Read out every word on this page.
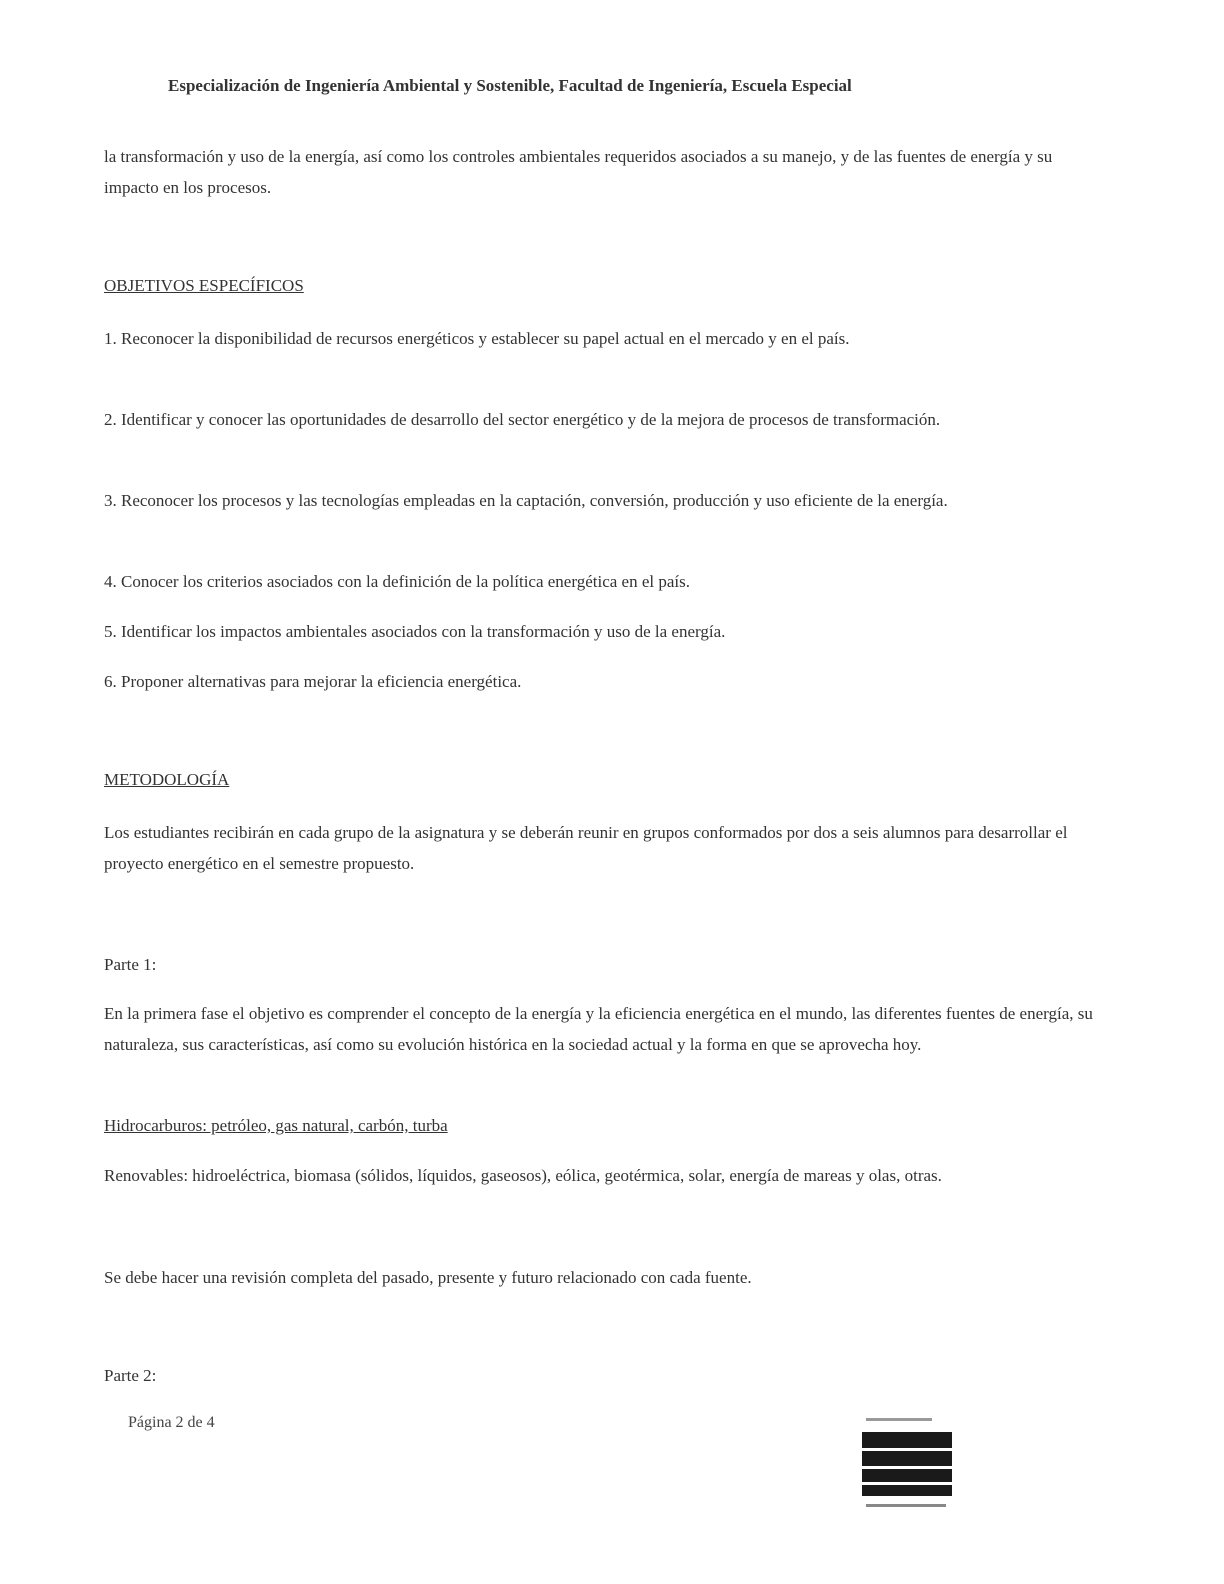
Especialización de Ingeniería Ambiental y Sostenible, Facultad de Ingeniería, Escuela Especial
la transformación y uso de la energía, así como los controles ambientales requeridos asociados a su manejo, y de las fuentes de energía y su impacto en los procesos.
OBJETIVOS ESPECÍFICOS
1. Reconocer la disponibilidad de recursos energéticos y establecer su papel actual en el mercado y en el país.
2. Identificar y conocer las oportunidades de desarrollo del sector energético y de la mejora de procesos de transformación.
3. Reconocer los procesos y las tecnologías empleadas en la captación, conversión, producción y uso eficiente de la energía.
4. Conocer los criterios asociados con la definición de la política energética en el país.
5. Identificar los impactos ambientales asociados con la transformación y uso de la energía.
6. Proponer alternativas para mejorar la eficiencia energética.
METODOLOGÍA
Los estudiantes recibirán en cada grupo de la asignatura y se deberán reunir en grupos conformados por dos a seis alumnos para desarrollar el proyecto energético en el semestre propuesto.
Parte 1:
En la primera fase el objetivo es comprender el concepto de la energía y la eficiencia energética en el mundo, las diferentes fuentes de energía, su naturaleza, sus características, así como su evolución histórica en la sociedad actual y la forma en que se aprovecha hoy.
Hidrocarburos: petróleo, gas natural, carbón, turba
Renovables: hidroeléctrica, biomasa (sólidos, líquidos, gaseosos), eólica, geotérmica, solar, energía de mareas y olas, otras.
Se debe hacer una revisión completa del pasado, presente y futuro relacionado con cada fuente.
Parte 2:
Página 2 de 4
